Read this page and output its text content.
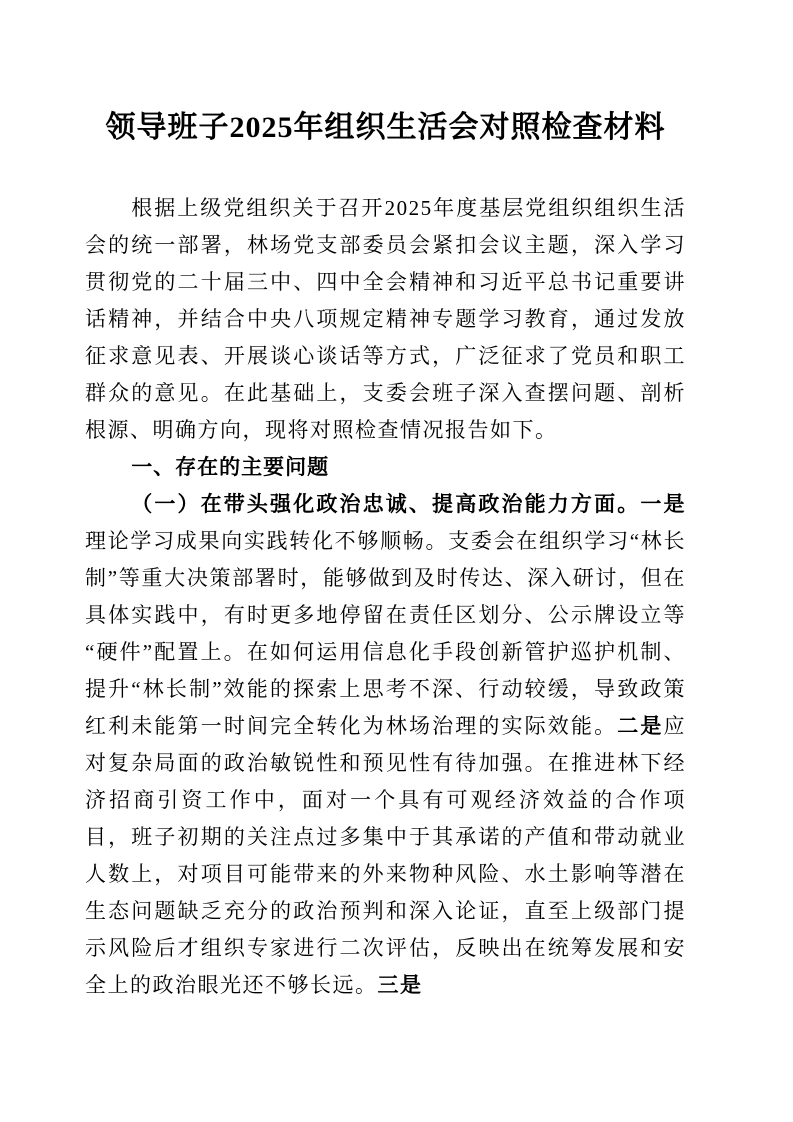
领导班子2025年组织生活会对照检查材料

根据上级党组织关于召开2025年度基层党组织组织生活会的统一部署，林场党支部委员会紧扣会议主题，深入学习贯彻党的二十届三中、四中全会精神和习近平总书记重要讲话精神，并结合中央八项规定精神专题学习教育，通过发放征求意见表、开展谈心谈话等方式，广泛征求了党员和职工群众的意见。在此基础上，支委会班子深入查摆问题、剖析根源、明确方向，现将对照检查情况报告如下。

一、存在的主要问题

（一）在带头强化政治忠诚、提高政治能力方面。一是理论学习成果向实践转化不够顺畅。支委会在组织学习“林长制”等重大决策部署时，能够做到及时传达、深入研讨，但在具体实践中，有时更多地停留在责任区划分、公示牌设立等“硬件”配置上。在如何运用信息化手段创新管护巡护机制、提升“林长制”效能的探索上思考不深、行动较缓，导致政策红利未能第一时间完全转化为林场治理的实际效能。二是应对复杂局面的政治敏锐性和预见性有待加强。在推进林下经济招商引资工作中，面对一个具有可观经济效益的合作项目，班子初期的关注点过多集中于其承诺的产值和带动就业人数上，对项目可能带来的外来物种风险、水土影响等潜在生态问题缺乏充分的政治预判和深入论证，直至上级部门提示风险后才组织专家进行二次评估，反映出在统筹发展和安全上的政治眼光还不够长远。三是
